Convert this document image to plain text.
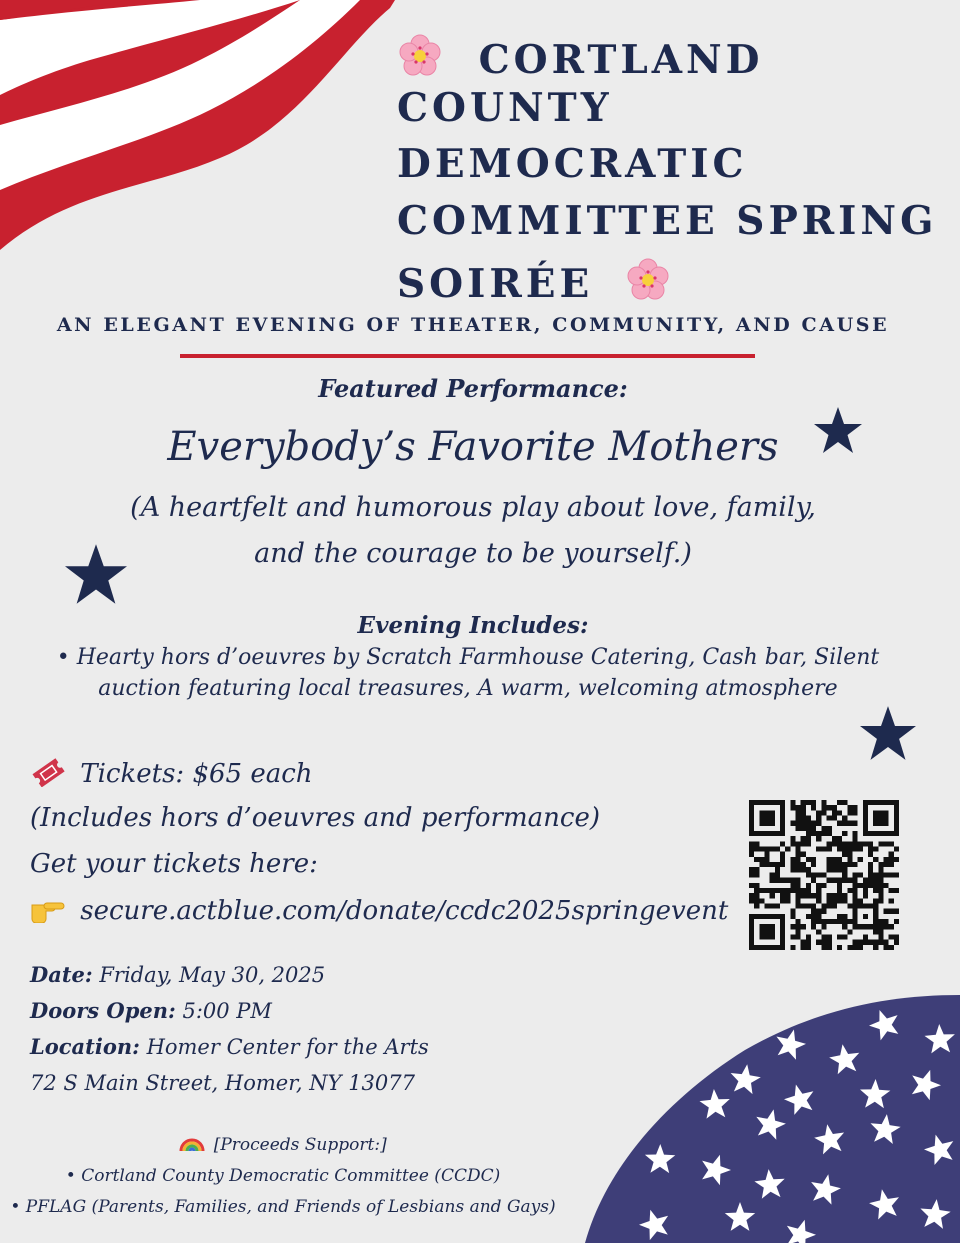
CORTLAND
COUNTY
DEMOCRATIC
COMMITTEE SPRING
SOIRÉE
AN ELEGANT EVENING OF THEATER, COMMUNITY, AND CAUSE
Featured Performance:
Everybody’s Favorite Mothers
(A heartfelt and humorous play about love, family,
and the courage to be yourself.)
Evening Includes:
• Hearty hors d’oeuvres by Scratch Farmhouse Catering, Cash bar, Silent
auction featuring local treasures, A warm, welcoming atmosphere
Tickets: $65 each
(Includes hors d’oeuvres and performance)
Get your tickets here:
secure.actblue.com/donate/ccdc2025springevent
Date: Friday, May 30, 2025
Doors Open: 5:00 PM
Location: Homer Center for the Arts
72 S Main Street, Homer, NY 13077
[Proceeds Support:]
• Cortland County Democratic Committee (CCDC)
• PFLAG (Parents, Families, and Friends of Lesbians and Gays)
